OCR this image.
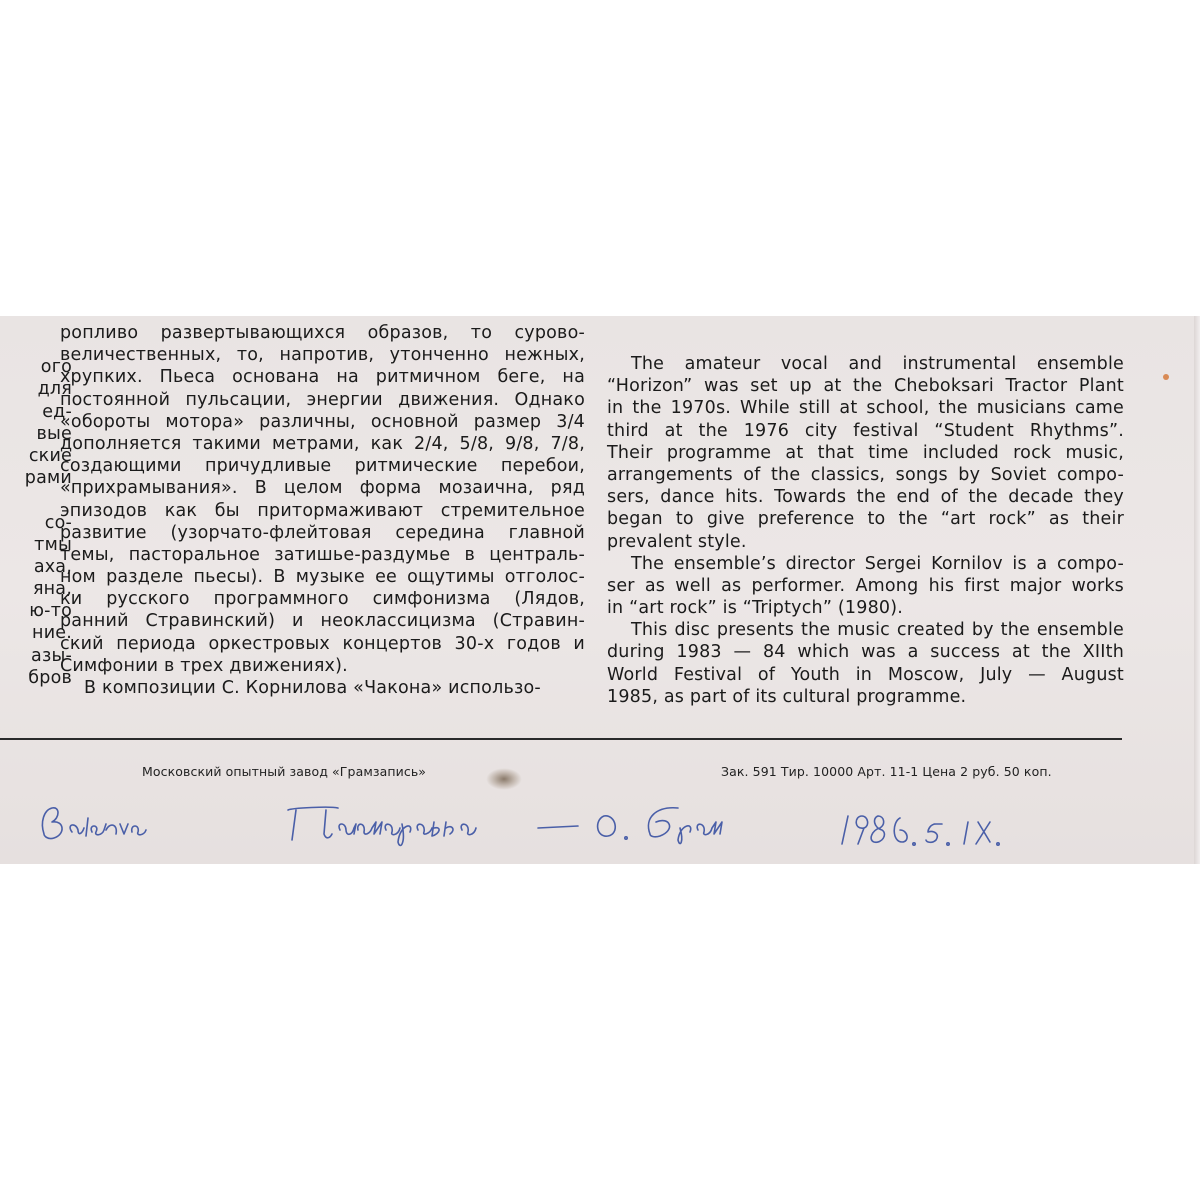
ого
для
ед-
вые
ские
рами
со-
тмы
аха,
яна,
ю-то
ние.
азы-
бров
ропливо развертывающихся образов, то сурово-
величественных, то, напротив, утонченно нежных,
хрупких. Пьеса основана на ритмичном беге, на
постоянной пульсации, энергии движения. Однако
«обороты мотора» различны, основной размер 3/4
дополняется такими метрами, как 2/4, 5/8, 9/8, 7/8,
создающими причудливые ритмические перебои,
«прихрамывания». В целом форма мозаична, ряд
эпизодов как бы притормаживают стремительное
развитие (узорчато-флейтовая середина главной
темы, пасторальное затишье-раздумье в централь-
ном разделе пьесы). В музыке ее ощутимы отголос-
ки русского программного симфонизма (Лядов,
ранний Стравинский) и неоклассицизма (Стравин-
ский периода оркестровых концертов 30-х годов и
Симфонии в трех движениях).
В композиции С. Корнилова «Чакона» использо-
The amateur vocal and instrumental ensemble
“Horizon” was set up at the Cheboksari Tractor Plant
in the 1970s. While still at school, the musicians came
third at the 1976 city festival “Student Rhythms”.
Their programme at that time included rock music,
arrangements of the classics, songs by Soviet compo-
sers, dance hits. Towards the end of the decade they
began to give preference to the “art rock” as their
prevalent style.
The ensemble’s director Sergei Kornilov is a compo-
ser as well as performer. Among his first major works
in “art rock” is “Triptych” (1980).
This disc presents the music created by the ensemble
during 1983 — 84 which was a success at the XIIth
World Festival of Youth in Moscow, July — August
1985, as part of its cultural programme.
Московский опытный завод «Грамзапись»	Зак. 591 Тир. 10000 Арт. 11-1 Цена 2 руб. 50 коп.
